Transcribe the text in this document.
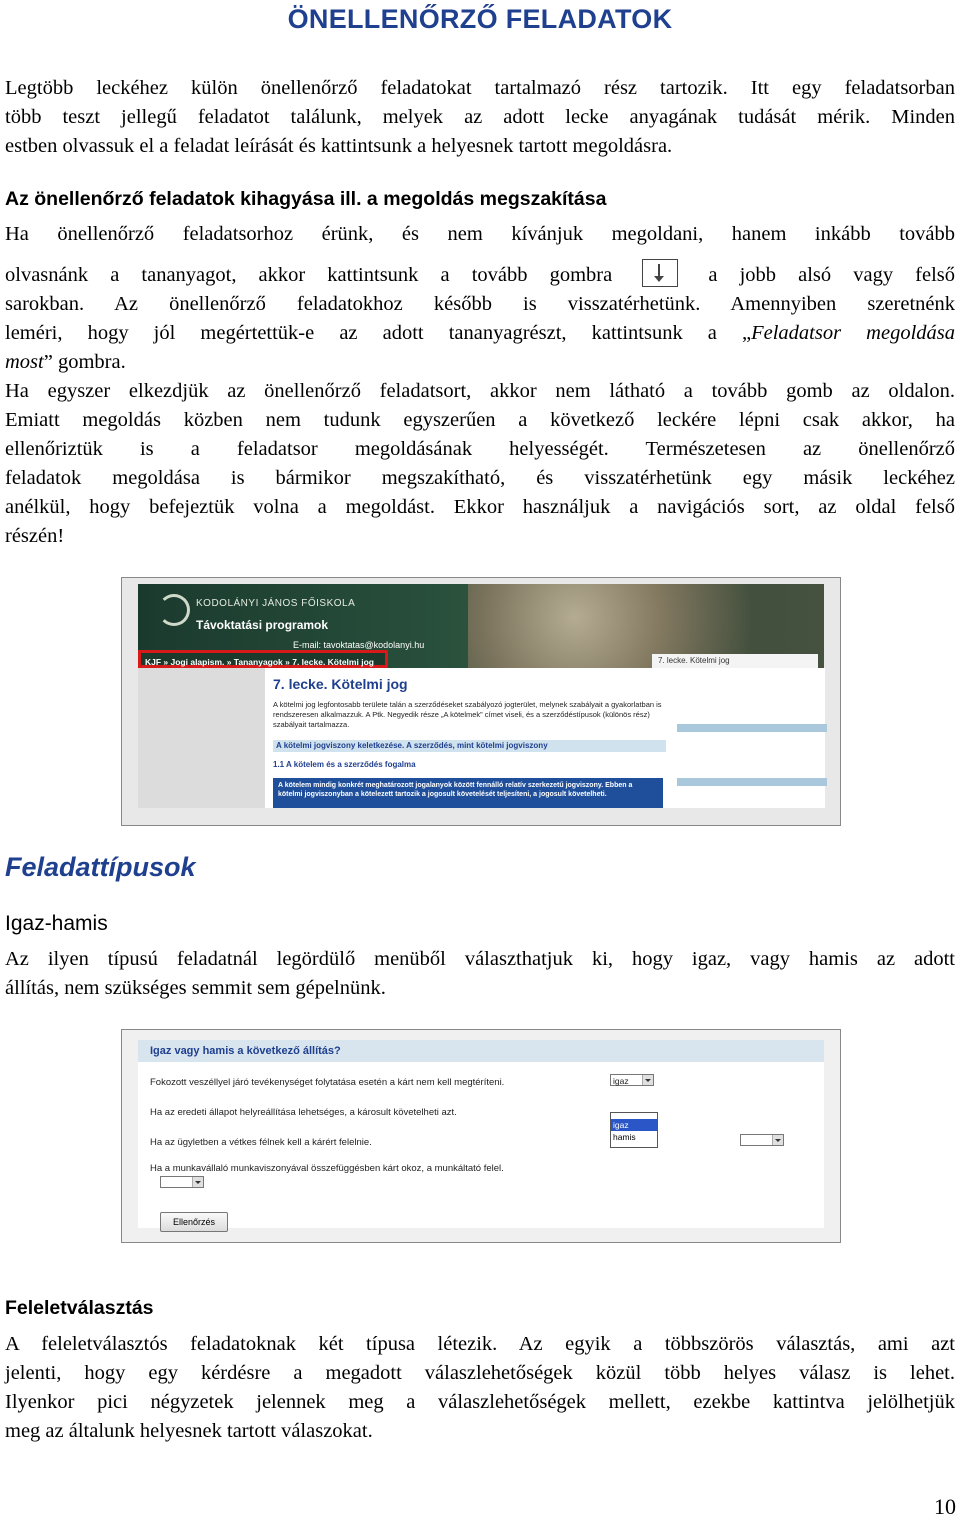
ÖNELLENŐRZŐ FELADATOK
Legtöbb leckéhez külön önellenőrző feladatokat tartalmazó rész tartozik. Itt egy feladatsorban
több teszt jellegű feladatot találunk, melyek az adott lecke anyagának tudását mérik. Minden
estben olvassuk el a feladat leírását és kattintsunk a helyesnek tartott megoldásra.
Az önellenőrző feladatok kihagyása ill. a megoldás megszakítása
Ha önellenőrző feladatsorhoz érünk, és nem kívánjuk megoldani, hanem inkább tovább
olvasnánk a tananyagot, akkor kattintsunk a tovább gombra	a jobb alsó vagy felső
sarokban. Az önellenőrző feladatokhoz később is visszatérhetünk. Amennyiben szeretnénk
leméri, hogy jól megértettük-e az adott tananyagrészt, kattintsunk a „Feladatsor megoldása
most” gombra.
Ha egyszer elkezdjük az önellenőrző feladatsort, akkor nem látható a tovább gomb az oldalon.
Emiatt megoldás közben nem tudunk egyszerűen a következő leckére lépni csak akkor, ha
ellenőriztük is a feladatsor megoldásának helyességét. Természetesen az önellenőrző
feladatok megoldása is bármikor megszakítható, és visszatérhetünk egy másik leckéhez
anélkül, hogy befejeztük volna a megoldást. Ekkor használjuk a navigációs sort, az oldal felső
részén!
KODOLÁNYI JÁNOS FŐISKOLA
Távoktatási programok
E-mail: tavoktatas@kodolanyi.hu
KJF » Jogi alapism. » Tananyagok » 7. lecke. Kötelmi jog	7. lecke. Kötelmi jog
7. lecke. Kötelmi jog
A kötelmi jog legfontosabb területe talán a szerződéseket szabályozó jogterület, melynek szabályait a gyakorlatban is rendszeresen alkalmazzuk. A Ptk. Negyedik része „A kötelmek” címet viseli, és a szerződéstípusok (különös rész) szabályait tartalmazza.
A kötelmi jogviszony keletkezése. A szerződés, mint kötelmi jogviszony
1.1 A kötelem és a szerződés fogalma
A kötelem mindig konkrét meghatározott jogalanyok között fennálló relatív szerkezetű jogviszony. Ebben a kötelmi jogviszonyban a kötelezett tartozik a jogosult követelését teljesíteni, a jogosult követelheti.
Feladattípusok
Igaz-hamis
Az ilyen típusú feladatnál legördülő menüből választhatjuk ki, hogy igaz, vagy hamis az adott
állítás, nem szükséges semmit sem gépelnünk.
Igaz vagy hamis a következő állítás?
Fokozott veszéllyel járó tevékenységet folytatása esetén a kárt nem kell megtéríteni.	igaz
Ha az eredeti állapot helyreállítása lehetséges, a károsult követelheti azt.
Ha az ügyletben a vétkes félnek kell a kárért felelnie.
Ha a munkavállaló munkaviszonyával összefüggésben kárt okoz, a munkáltató felel.
igaz
hamis
Ellenőrzés
Feleletválasztás
A feleletválasztós feladatoknak két típusa létezik. Az egyik a többszörös választás, ami azt
jelenti, hogy egy kérdésre a megadott válaszlehetőségek közül több helyes válasz is lehet.
Ilyenkor pici négyzetek jelennek meg a válaszlehetőségek mellett, ezekbe kattintva jelölhetjük
meg az általunk helyesnek tartott válaszokat.
10
